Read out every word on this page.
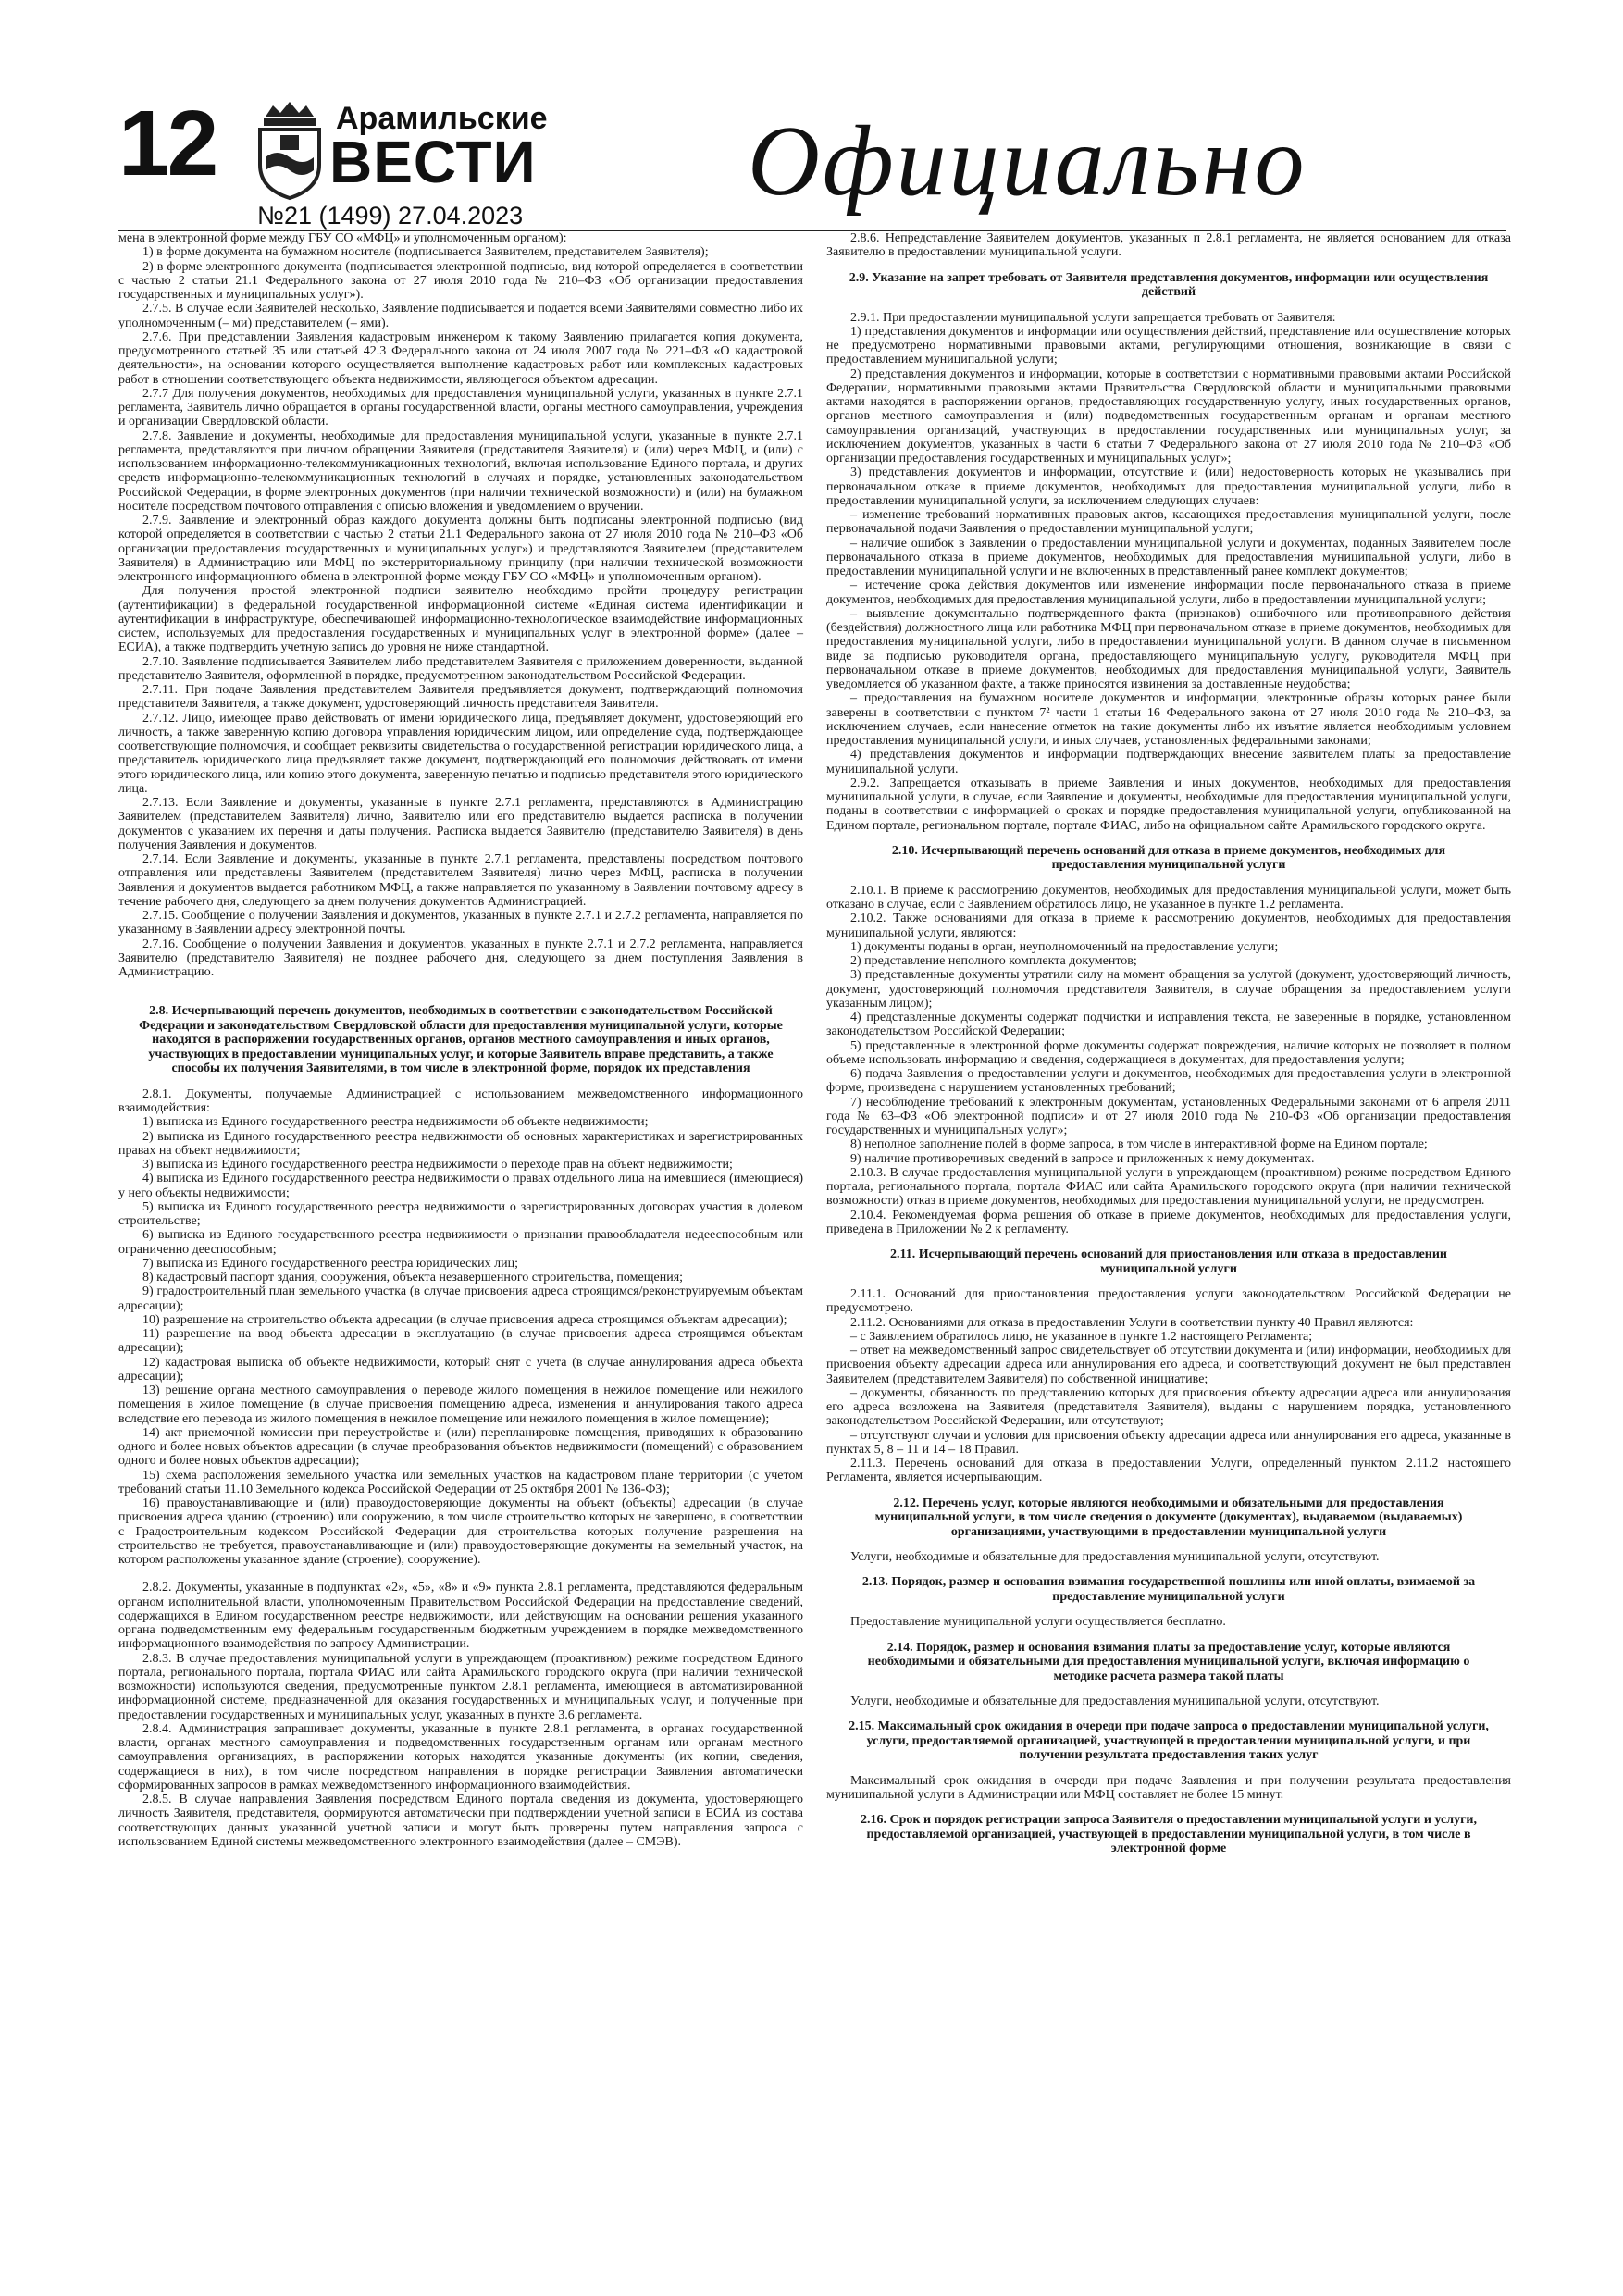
12	Арамильские
ВЕСТИ
№21 (1499) 27.04.2023 Официально

мена в электронной форме между ГБУ СО «МФЦ» и уполномоченным органом):

1) в форме документа на бумажном носителе (подписывается Заявителем, представителем Заявителя);

2) в форме электронного документа (подписывается электронной подписью, вид которой определяется в соответствии с частью 2 статьи 21.1 Федерального закона от 27 июля 2010 года № 210–ФЗ «Об организации предоставления государственных и муниципальных услуг»).

2.7.5. В случае если Заявителей несколько, Заявление подписывается и подается всеми Заявителями совместно либо их уполномоченным (– ми) представителем (– ями).

2.7.6. При представлении Заявления кадастровым инженером к такому Заявлению прилагается копия документа, предусмотренного статьей 35 или статьей 42.3 Федерального закона от 24 июля 2007 года № 221–ФЗ «О кадастровой деятельности», на основании которого осуществляется выполнение кадастровых работ или комплексных кадастровых работ в отношении соответствующего объекта недвижимости, являющегося объектом адресации.

2.7.7 Для получения документов, необходимых для предоставления муниципальной услуги, указанных в пункте 2.7.1 регламента, Заявитель лично обращается в органы государственной власти, органы местного самоуправления, учреждения и организации Свердловской области.

2.7.8. Заявление и документы, необходимые для предоставления муниципальной услуги, указанные в пункте 2.7.1 регламента, представляются при личном обращении Заявителя (представителя Заявителя) и (или) через МФЦ, и (или) с использованием информационно-телекоммуникационных технологий, включая использование Единого портала, и других средств информационно-телекоммуникационных технологий в случаях и порядке, установленных законодательством Российской Федерации, в форме электронных документов (при наличии технической возможности) и (или) на бумажном носителе посредством почтового отправления с описью вложения и уведомлением о вручении.

2.7.9. Заявление и электронный образ каждого документа должны быть подписаны электронной подписью (вид которой определяется в соответствии с частью 2 статьи 21.1 Федерального закона от 27 июля 2010 года № 210–ФЗ «Об организации предоставления государственных и муниципальных услуг») и представляются Заявителем (представителем Заявителя) в Администрацию или МФЦ по экстерриториальному принципу (при наличии технической возможности электронного информационного обмена в электронной форме между ГБУ СО «МФЦ» и уполномоченным органом).

Для получения простой электронной подписи заявителю необходимо пройти процедуру регистрации (аутентификации) в федеральной государственной информационной системе «Единая система идентификации и аутентификации в инфраструктуре, обеспечивающей информационно-технологическое взаимодействие информационных систем, используемых для предоставления государственных и муниципальных услуг в электронной форме» (далее – ЕСИА), а также подтвердить учетную запись до уровня не ниже стандартной.

2.7.10. Заявление подписывается Заявителем либо представителем Заявителя с приложением доверенности, выданной представителю Заявителя, оформленной в порядке, предусмотренном законодательством Российской Федерации.

2.7.11. При подаче Заявления представителем Заявителя предъявляется документ, подтверждающий полномочия представителя Заявителя, а также документ, удостоверяющий личность представителя Заявителя.

2.7.12. Лицо, имеющее право действовать от имени юридического лица, предъявляет документ, удостоверяющий его личность, а также заверенную копию договора управления юридическим лицом, или определение суда, подтверждающее соответствующие полномочия, и сообщает реквизиты свидетельства о государственной регистрации юридического лица, а представитель юридического лица предъявляет также документ, подтверждающий его полномочия действовать от имени этого юридического лица, или копию этого документа, заверенную печатью и подписью представителя этого юридического лица.

2.7.13. Если Заявление и документы, указанные в пункте 2.7.1 регламента, представляются в Администрацию Заявителем (представителем Заявителя) лично, Заявителю или его представителю выдается расписка в получении документов с указанием их перечня и даты получения. Расписка выдается Заявителю (представителю Заявителя) в день получения Заявления и документов.

2.7.14. Если Заявление и документы, указанные в пункте 2.7.1 регламента, представлены посредством почтового отправления или представлены Заявителем (представителем Заявителя) лично через МФЦ, расписка в получении Заявления и документов выдается работником МФЦ, а также направляется по указанному в Заявлении почтовому адресу в течение рабочего дня, следующего за днем получения документов Администрацией.

2.7.15. Сообщение о получении Заявления и документов, указанных в пункте 2.7.1 и 2.7.2 регламента, направляется по указанному в Заявлении адресу электронной почты.

2.7.16. Сообщение о получении Заявления и документов, указанных в пункте 2.7.1 и 2.7.2 регламента, направляется Заявителю (представителю Заявителя) не позднее рабочего дня, следующего за днем поступления Заявления в Администрацию.

2.8. Исчерпывающий перечень документов, необходимых в соответствии с законодательством Российской Федерации и законодательством Свердловской области для предоставления муниципальной услуги, которые находятся в распоряжении государственных органов, органов местного самоуправления и иных органов, участвующих в предоставлении муниципальных услуг, и которые Заявитель вправе представить, а также способы их получения Заявителями, в том числе в электронной форме, порядок их представления

2.8.1. Документы, получаемые Администрацией с использованием межведомственного информационного взаимодействия:

1) выписка из Единого государственного реестра недвижимости об объекте недвижимости;

2) выписка из Единого государственного реестра недвижимости об основных характеристиках и зарегистрированных правах на объект недвижимости;

3) выписка из Единого государственного реестра недвижимости о переходе прав на объект недвижимости;

4) выписка из Единого государственного реестра недвижимости о правах отдельного лица на имевшиеся (имеющиеся) у него объекты недвижимости;

5) выписка из Единого государственного реестра недвижимости о зарегистрированных договорах участия в долевом строительстве;

6) выписка из Единого государственного реестра недвижимости о признании правообладателя недееспособным или ограниченно дееспособным;

7) выписка из Единого государственного реестра юридических лиц;

8) кадастровый паспорт здания, сооружения, объекта незавершенного строительства, помещения;

9) градостроительный план земельного участка (в случае присвоения адреса строящимся/реконструируемым объектам адресации);

10) разрешение на строительство объекта адресации (в случае присвоения адреса строящимся объектам адресации);

11) разрешение на ввод объекта адресации в эксплуатацию (в случае присвоения адреса строящимся объектам адресации);

12) кадастровая выписка об объекте недвижимости, который снят с учета (в случае аннулирования адреса объекта адресации);

13) решение органа местного самоуправления о переводе жилого помещения в нежилое помещение или нежилого помещения в жилое помещение (в случае присвоения помещению адреса, изменения и аннулирования такого адреса вследствие его перевода из жилого помещения в нежилое помещение или нежилого помещения в жилое помещение);

14) акт приемочной комиссии при переустройстве и (или) перепланировке помещения, приводящих к образованию одного и более новых объектов адресации (в случае преобразования объектов недвижимости (помещений) с образованием одного и более новых объектов адресации);

15) схема расположения земельного участка или земельных участков на кадастровом плане территории (с учетом требований статьи 11.10 Земельного кодекса Российской Федерации от 25 октября 2001 № 136-ФЗ);

16) правоустанавливающие и (или) правоудостоверяющие документы на объект (объекты) адресации (в случае присвоения адреса зданию (строению) или сооружению, в том числе строительство которых не завершено, в соответствии с Градостроительным кодексом Российской Федерации для строительства которых получение разрешения на строительство не требуется, правоустанавливающие и (или) правоудостоверяющие документы на земельный участок, на котором расположены указанное здание (строение), сооружение).

2.8.2. Документы, указанные в подпунктах «2», «5», «8» и «9» пункта 2.8.1 регламента, представляются федеральным органом исполнительной власти, уполномоченным Правительством Российской Федерации на предоставление сведений, содержащихся в Едином государственном реестре недвижимости, или действующим на основании решения указанного органа подведомственным ему федеральным государственным бюджетным учреждением в порядке межведомственного информационного взаимодействия по запросу Администрации.

2.8.3. В случае предоставления муниципальной услуги в упреждающем (проактивном) режиме посредством Единого портала, регионального портала, портала ФИАС или сайта Арамильского городского округа (при наличии технической возможности) используются сведения, предусмотренные пунктом 2.8.1 регламента, имеющиеся в автоматизированной информационной системе, предназначенной для оказания государственных и муниципальных услуг, и полученные при предоставлении государственных и муниципальных услуг, указанных в пункте 3.6 регламента.

2.8.4. Администрация запрашивает документы, указанные в пункте 2.8.1 регламента, в органах государственной власти, органах местного самоуправления и подведомственных государственным органам или органам местного самоуправления организациях, в распоряжении которых находятся указанные документы (их копии, сведения, содержащиеся в них), в том числе посредством направления в порядке регистрации Заявления автоматически сформированных запросов в рамках межведомственного информационного взаимодействия.

2.8.5. В случае направления Заявления посредством Единого портала сведения из документа, удостоверяющего личность Заявителя, представителя, формируются автоматически при подтверждении учетной записи в ЕСИА из состава соответствующих данных указанной учетной записи и могут быть проверены путем направления запроса с использованием Единой системы межведомственного электронного взаимодействия (далее – СМЭВ).

2.8.6. Непредставление Заявителем документов, указанных п 2.8.1 регламента, не является основанием для отказа Заявителю в предоставлении муниципальной услуги.

2.9. Указание на запрет требовать от Заявителя представления документов, информации или осуществления действий

2.9.1. При предоставлении муниципальной услуги запрещается требовать от Заявителя:

1) представления документов и информации или осуществления действий, представление или осуществление которых не предусмотрено нормативными правовыми актами, регулирующими отношения, возникающие в связи с предоставлением муниципальной услуги;

2) представления документов и информации, которые в соответствии с нормативными правовыми актами Российской Федерации, нормативными правовыми актами Правительства Свердловской области и муниципальными правовыми актами находятся в распоряжении органов, предоставляющих государственную услугу, иных государственных органов, органов местного самоуправления и (или) подведомственных государственным органам и органам местного самоуправления организаций, участвующих в предоставлении государственных или муниципальных услуг, за исключением документов, указанных в части 6 статьи 7 Федерального закона от 27 июля 2010 года № 210–ФЗ «Об организации предоставления государственных и муниципальных услуг»;

3) представления документов и информации, отсутствие и (или) недостоверность которых не указывались при первоначальном отказе в приеме документов, необходимых для предоставления муниципальной услуги, либо в предоставлении муниципальной услуги, за исключением следующих случаев:

– изменение требований нормативных правовых актов, касающихся предоставления муниципальной услуги, после первоначальной подачи Заявления о предоставлении муниципальной услуги;

– наличие ошибок в Заявлении о предоставлении муниципальной услуги и документах, поданных Заявителем после первоначального отказа в приеме документов, необходимых для предоставления муниципальной услуги, либо в предоставлении муниципальной услуги и не включенных в представленный ранее комплект документов;

– истечение срока действия документов или изменение информации после первоначального отказа в приеме документов, необходимых для предоставления муниципальной услуги, либо в предоставлении муниципальной услуги;

– выявление документально подтвержденного факта (признаков) ошибочного или противоправного действия (бездействия) должностного лица или работника МФЦ при первоначальном отказе в приеме документов, необходимых для предоставления муниципальной услуги, либо в предоставлении муниципальной услуги. В данном случае в письменном виде за подписью руководителя органа, предоставляющего муниципальную услугу, руководителя МФЦ при первоначальном отказе в приеме документов, необходимых для предоставления муниципальной услуги, Заявитель уведомляется об указанном факте, а также приносятся извинения за доставленные неудобства;

– предоставления на бумажном носителе документов и информации, электронные образы которых ранее были заверены в соответствии с пунктом 7² части 1 статьи 16 Федерального закона от 27 июля 2010 года № 210–ФЗ, за исключением случаев, если нанесение отметок на такие документы либо их изъятие является необходимым условием предоставления муниципальной услуги, и иных случаев, установленных федеральными законами;

4) представления документов и информации подтверждающих внесение заявителем платы за предоставление муниципальной услуги.

2.9.2. Запрещается отказывать в приеме Заявления и иных документов, необходимых для предоставления муниципальной услуги, в случае, если Заявление и документы, необходимые для предоставления муниципальной услуги, поданы в соответствии с информацией о сроках и порядке предоставления муниципальной услуги, опубликованной на Едином портале, региональном портале, портале ФИАС, либо на официальном сайте Арамильского городского округа.

2.10. Исчерпывающий перечень оснований для отказа в приеме документов, необходимых для предоставления муниципальной услуги

2.10.1. В приеме к рассмотрению документов, необходимых для предоставления муниципальной услуги, может быть отказано в случае, если с Заявлением обратилось лицо, не указанное в пункте 1.2 регламента.

2.10.2. Также основаниями для отказа в приеме к рассмотрению документов, необходимых для предоставления муниципальной услуги, являются:

1) документы поданы в орган, неуполномоченный на предоставление услуги;

2) представление неполного комплекта документов;

3) представленные документы утратили силу на момент обращения за услугой (документ, удостоверяющий личность, документ, удостоверяющий полномочия представителя Заявителя, в случае обращения за предоставлением услуги указанным лицом);

4) представленные документы содержат подчистки и исправления текста, не заверенные в порядке, установленном законодательством Российской Федерации;

5) представленные в электронной форме документы содержат повреждения, наличие которых не позволяет в полном объеме использовать информацию и сведения, содержащиеся в документах, для предоставления услуги;

6) подача Заявления о предоставлении услуги и документов, необходимых для предоставления услуги в электронной форме, произведена с нарушением установленных требований;

7) несоблюдение требований к электронным документам, установленных Федеральными законами от 6 апреля 2011 года № 63–ФЗ «Об электронной подписи» и от 27 июля 2010 года № 210-ФЗ «Об организации предоставления государственных и муниципальных услуг»;

8) неполное заполнение полей в форме запроса, в том числе в интерактивной форме на Едином портале;

9) наличие противоречивых сведений в запросе и приложенных к нему документах.

2.10.3. В случае предоставления муниципальной услуги в упреждающем (проактивном) режиме посредством Единого портала, регионального портала, портала ФИАС или сайта Арамильского городского округа (при наличии технической возможности) отказ в приеме документов, необходимых для предоставления муниципальной услуги, не предусмотрен.

2.10.4. Рекомендуемая форма решения об отказе в приеме документов, необходимых для предоставления услуги, приведена в Приложении № 2 к регламенту.

2.11. Исчерпывающий перечень оснований для приостановления или отказа в предоставлении муниципальной услуги

2.11.1. Оснований для приостановления предоставления услуги законодательством Российской Федерации не предусмотрено.

2.11.2. Основаниями для отказа в предоставлении Услуги в соответствии пункту 40 Правил являются:

– с Заявлением обратилось лицо, не указанное в пункте 1.2 настоящего Регламента;

– ответ на межведомственный запрос свидетельствует об отсутствии документа и (или) информации, необходимых для присвоения объекту адресации адреса или аннулирования его адреса, и соответствующий документ не был представлен Заявителем (представителем Заявителя) по собственной инициативе;

– документы, обязанность по представлению которых для присвоения объекту адресации адреса или аннулирования его адреса возложена на Заявителя (представителя Заявителя), выданы с нарушением порядка, установленного законодательством Российской Федерации, или отсутствуют;

– отсутствуют случаи и условия для присвоения объекту адресации адреса или аннулирования его адреса, указанные в пунктах 5, 8 – 11 и 14 – 18 Правил.

2.11.3. Перечень оснований для отказа в предоставлении Услуги, определенный пунктом 2.11.2 настоящего Регламента, является исчерпывающим.

2.12. Перечень услуг, которые являются необходимыми и обязательными для предоставления муниципальной услуги, в том числе сведения о документе (документах), выдаваемом (выдаваемых) организациями, участвующими в предоставлении муниципальной услуги

Услуги, необходимые и обязательные для предоставления муниципальной услуги, отсутствуют.

2.13. Порядок, размер и основания взимания государственной пошлины или иной оплаты, взимаемой за предоставление муниципальной услуги

Предоставление муниципальной услуги осуществляется бесплатно.

2.14. Порядок, размер и основания взимания платы за предоставление услуг, которые являются необходимыми и обязательными для предоставления муниципальной услуги, включая информацию о методике расчета размера такой платы

Услуги, необходимые и обязательные для предоставления муниципальной услуги, отсутствуют.

2.15. Максимальный срок ожидания в очереди при подаче запроса о предоставлении муниципальной услуги, услуги, предоставляемой организацией, участвующей в предоставлении муниципальной услуги, и при получении результата предоставления таких услуг

Максимальный срок ожидания в очереди при подаче Заявления и при получении результата предоставления муниципальной услуги в Администрации или МФЦ составляет не более 15 минут.

2.16. Срок и порядок регистрации запроса Заявителя о предоставлении муниципальной услуги и услуги, предоставляемой организацией, участвующей в предоставлении муниципальной услуги, в том числе в электронной форме
